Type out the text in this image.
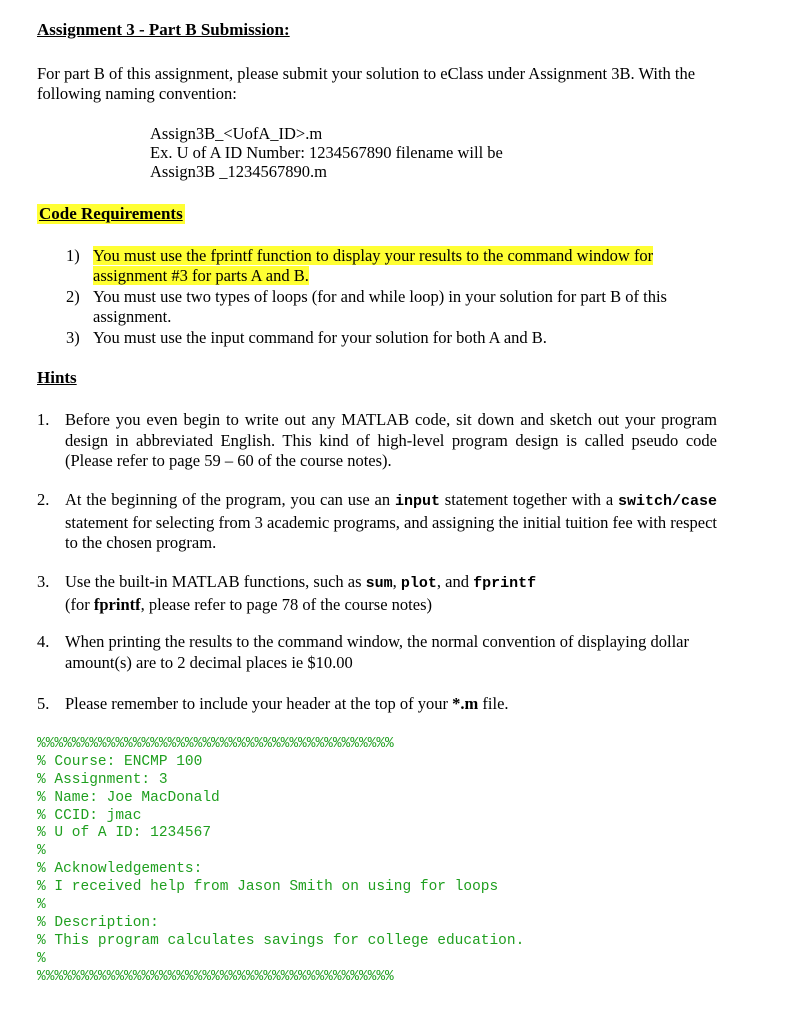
Assignment 3 - Part B Submission:
For part B of this assignment, please submit your solution to eClass under Assignment 3B. With the following naming convention:
Assign3B_<UofA_ID>.m
Ex. U of A ID Number: 1234567890 filename will be
Assign3B _1234567890.m
Code Requirements
1) You must use the fprintf function to display your results to the command window for assignment #3 for parts A and B.
2) You must use two types of loops (for and while loop) in your solution for part B of this assignment.
3) You must use the input command for your solution for both A and B.
Hints
1. Before you even begin to write out any MATLAB code, sit down and sketch out your program design in abbreviated English. This kind of high-level program design is called pseudo code (Please refer to page 59 – 60 of the course notes).
2. At the beginning of the program, you can use an input statement together with a switch/case statement for selecting from 3 academic programs, and assigning the initial tuition fee with respect to the chosen program.
3. Use the built-in MATLAB functions, such as sum, plot, and fprintf
(for fprintf, please refer to page 78 of the course notes)
4. When printing the results to the command window, the normal convention of displaying dollar amount(s) are to 2 decimal places ie $10.00
5. Please remember to include your header at the top of your *.m file.
%%%%%%%%%%%%%%%%%%%%%%%%%%%%%%%%%%%%%%%%%
% Course: ENCMP 100
% Assignment: 3
% Name: Joe MacDonald
% CCID: jmac
% U of A ID: 1234567
%
% Acknowledgements:
% I received help from Jason Smith on using for loops
%
% Description:
% This program calculates savings for college education.
%
%%%%%%%%%%%%%%%%%%%%%%%%%%%%%%%%%%%%%%%%%
